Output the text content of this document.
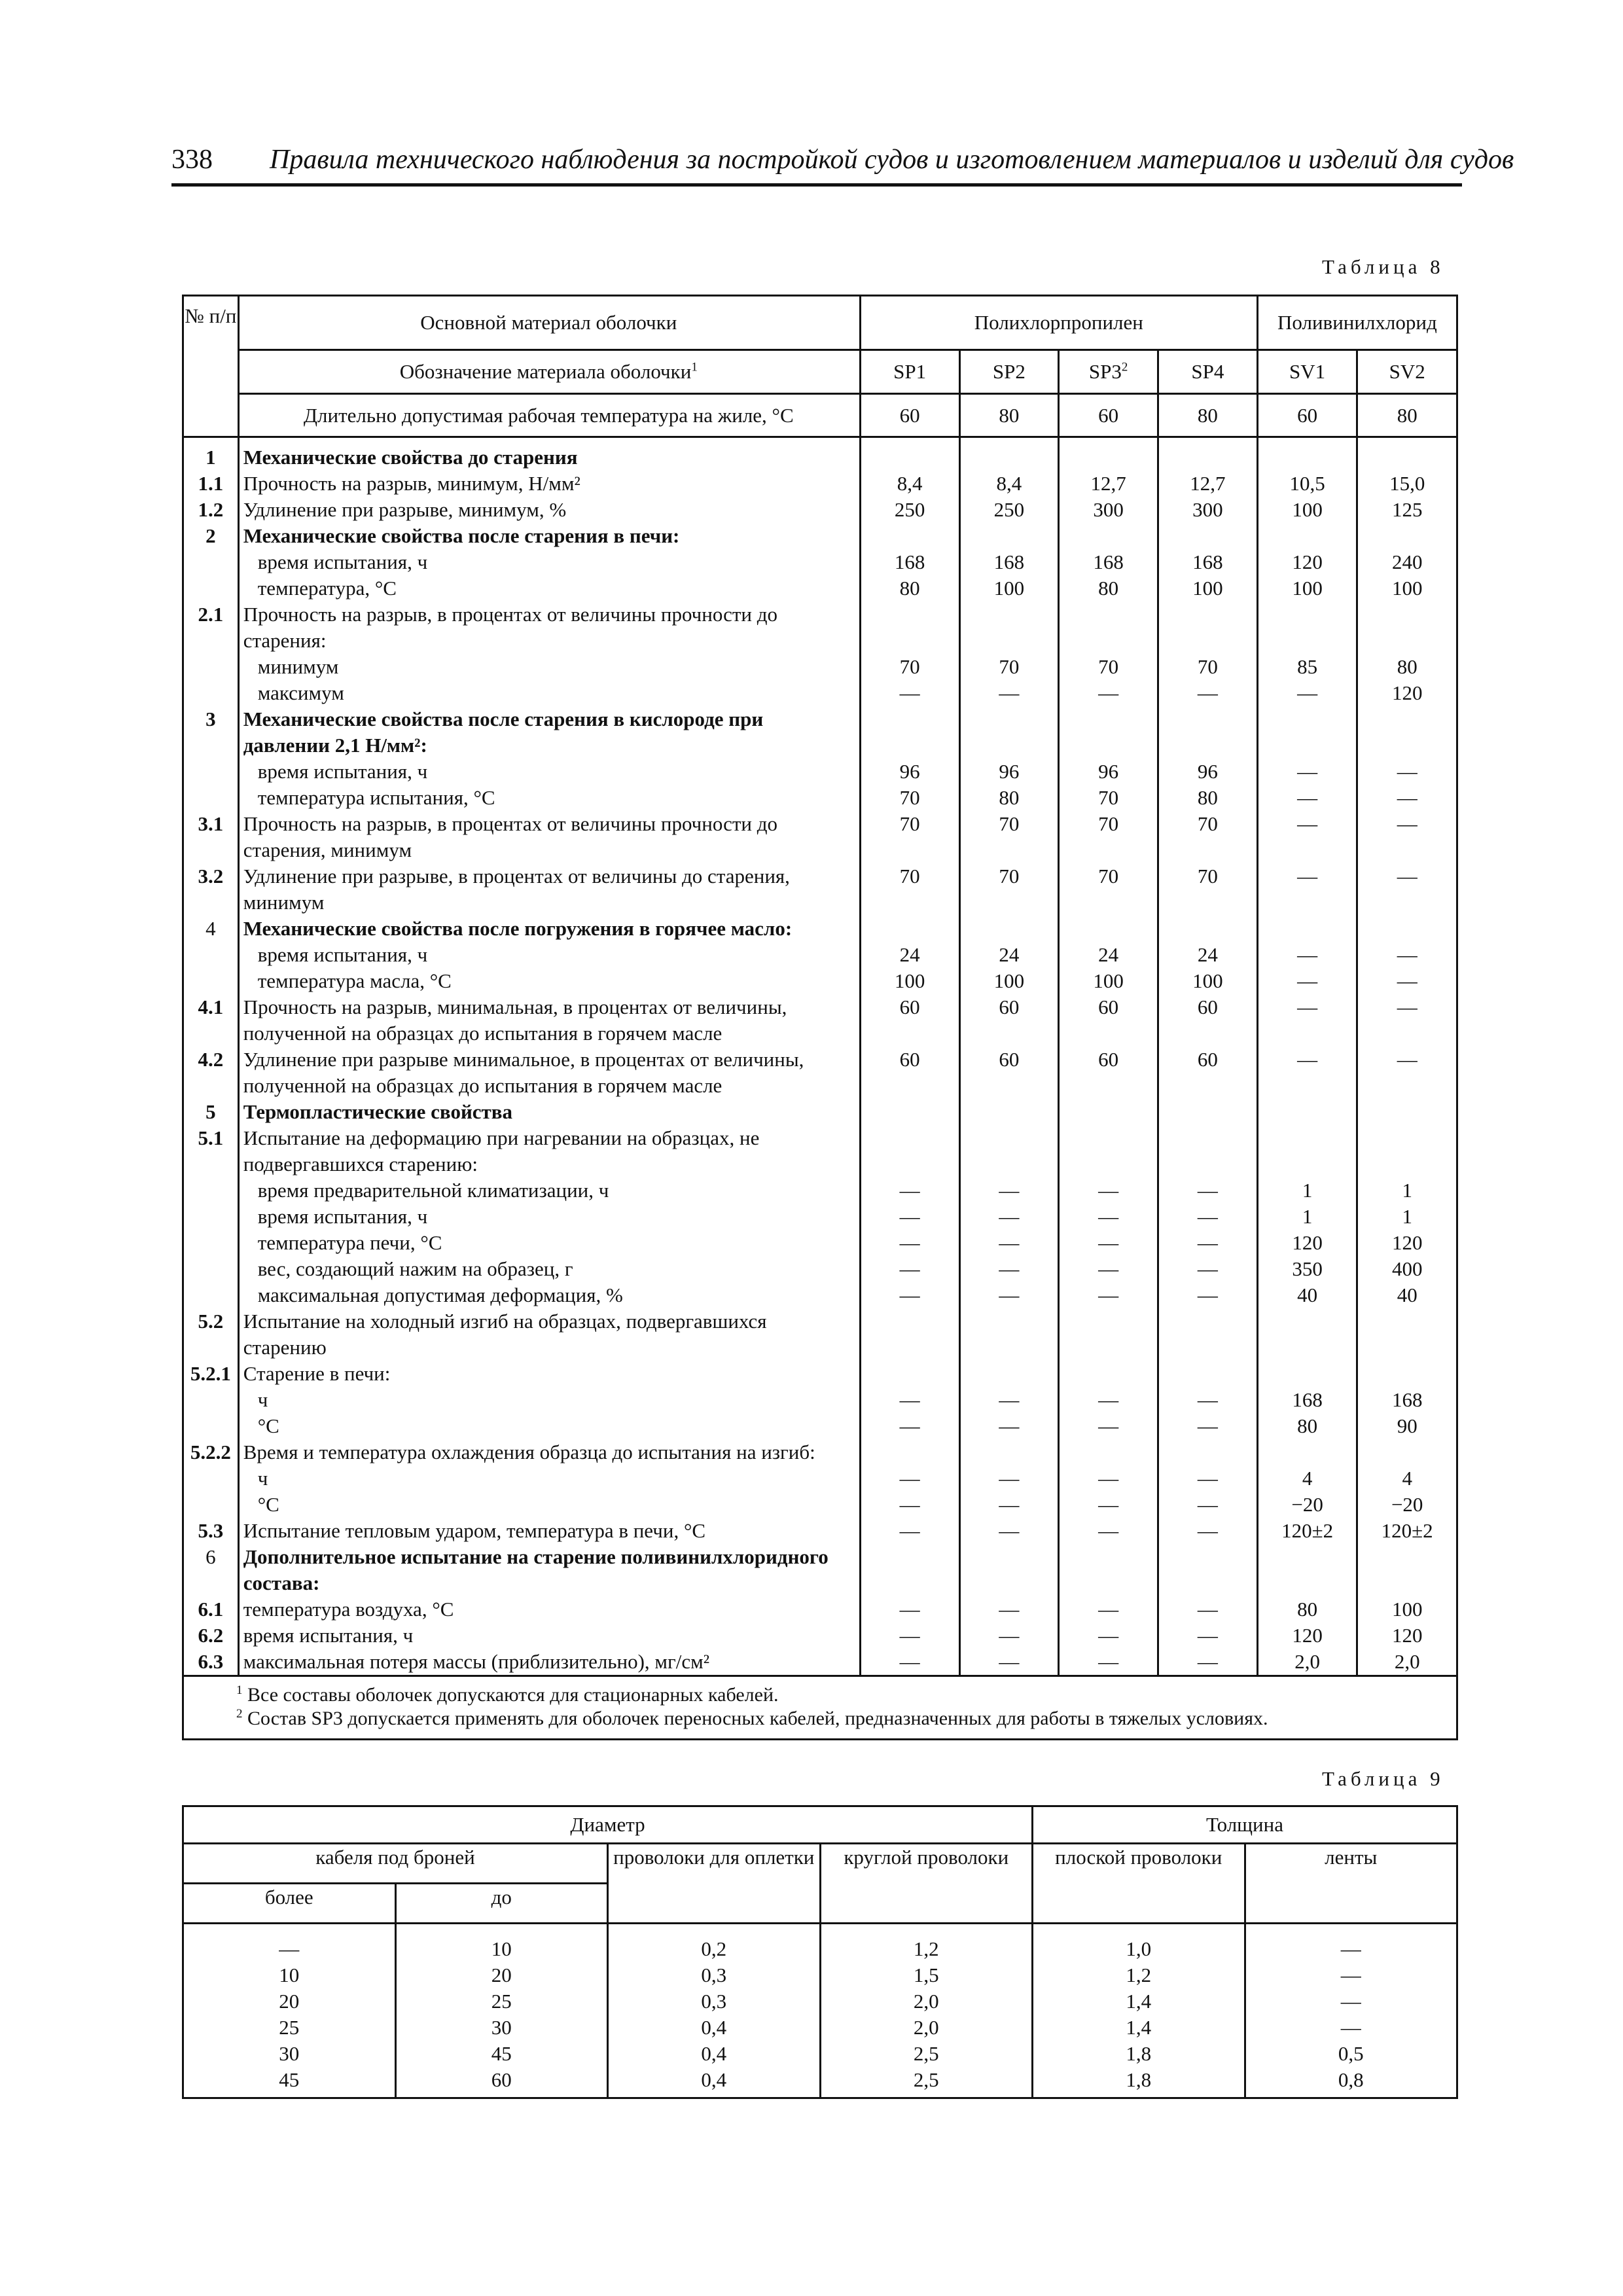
338 Правила технического наблюдения за постройкой судов и изготовлением материалов и изделий для судов
Таблица 8
№ п/п	Основной материал оболочки	Полихлорпропилен				Поливинилхлорид	
	Обозначение материала оболочки$^1$	SP1	SP2	$SP3^2$	SP4	SV1	SV2
	Длительно допустимая рабочая температура на жиле, °С	60	80	60	80	60	80
1	Механические свойства до старения						
1.1	Прочность на разрыв, минимум, Н/мм²	8,4	8,4	12,7	12,7	10,5	15,0
1.2	Удлинение при разрыве, минимум, %	250	250	300	300	100	125
2	Механические свойства после старения в печи:						
	время испытания, ч	168	168	168	168	120	240
	температура, °С	80	100	80	100	100	100
2.1	Прочность на разрыв, в процентах от величины прочности до старения:						
	минимум	70	70	70	70	85	80
	максимум	—	—	—	—	—	120
3	Механические свойства после старения в кислороде при давлении 2,1 Н/мм²:						
	время испытания, ч	96	96	96	96	—	—
	температура испытания, °С	70	80	70	80	—	—
3.1	Прочность на разрыв, в процентах от величины прочности до старения, минимум	70	70	70	70	—	—
3.2	Удлинение при разрыве, в процентах от величины до старения, минимум	70	70	70	70	—	—
4	Механические свойства после погружения в горячее масло:						
	время испытания, ч	24	24	24	24	—	—
	температура масла, °С	100	100	100	100	—	—
4.1	Прочность на разрыв, минимальная, в процентах от величины, полученной на образцах до испытания в горячем масле	60	60	60	60	—	—
4.2	Удлинение при разрыве минимальное, в процентах от величины, полученной на образцах до испытания в горячем масле	60	60	60	60	—	—
5	Термопластические свойства						
5.1	Испытание на деформацию при нагревании на образцах, не подвергавшихся старению:						
	время предварительной климатизации, ч	—	—	—	—	1	1
	время испытания, ч	—	—	—	—	1	1
	температура печи, °С	—	—	—	—	120	120
	вес, создающий нажим на образец, г	—	—	—	—	350	400
	максимальная допустимая деформация, %	—	—	—	—	40	40
5.2	Испытание на холодный изгиб на образцах, подвергавшихся старению						
5.2.1	Старение в печи:						
	ч	—	—	—	—	168	168
	°С	—	—	—	—	80	90
5.2.2	Время и температура охлаждения образца до испытания на изгиб:						
	ч	—	—	—	—	4	4
	°С	—	—	—	—	−20	−20
5.3	Испытание тепловым ударом, температура в печи, °С	—	—	—	—	120±2	120±2
6	Дополнительное испытание на старение поливинилхлоридного состава:						
6.1	температура воздуха, °С	—	—	—	—	80	100
6.2	время испытания, ч	—	—	—	—	120	120
6.3	максимальная потеря массы (приблизительно), мг/см²	—	—	—	—	2,0	2,0

$^1$ Все составы оболочек допускаются для стационарных кабелей.
$^2$ Состав SP3 допускается применять для оболочек переносных кабелей, предназначенных для работы в тяжелых условиях.							
Таблица 9
Диаметр				Толщина	
кабеля под броней		проволоки для оплетки	круглой проволоки	плоской проволоки	ленты
более	до				
—	10	0,2	1,2	1,0	—
10	20	0,3	1,5	1,2	—
20	25	0,3	2,0	1,4	—
25	30	0,4	2,0	1,4	—
30	45	0,4	2,5	1,8	0,5
45	60	0,4	2,5	1,8	0,8
